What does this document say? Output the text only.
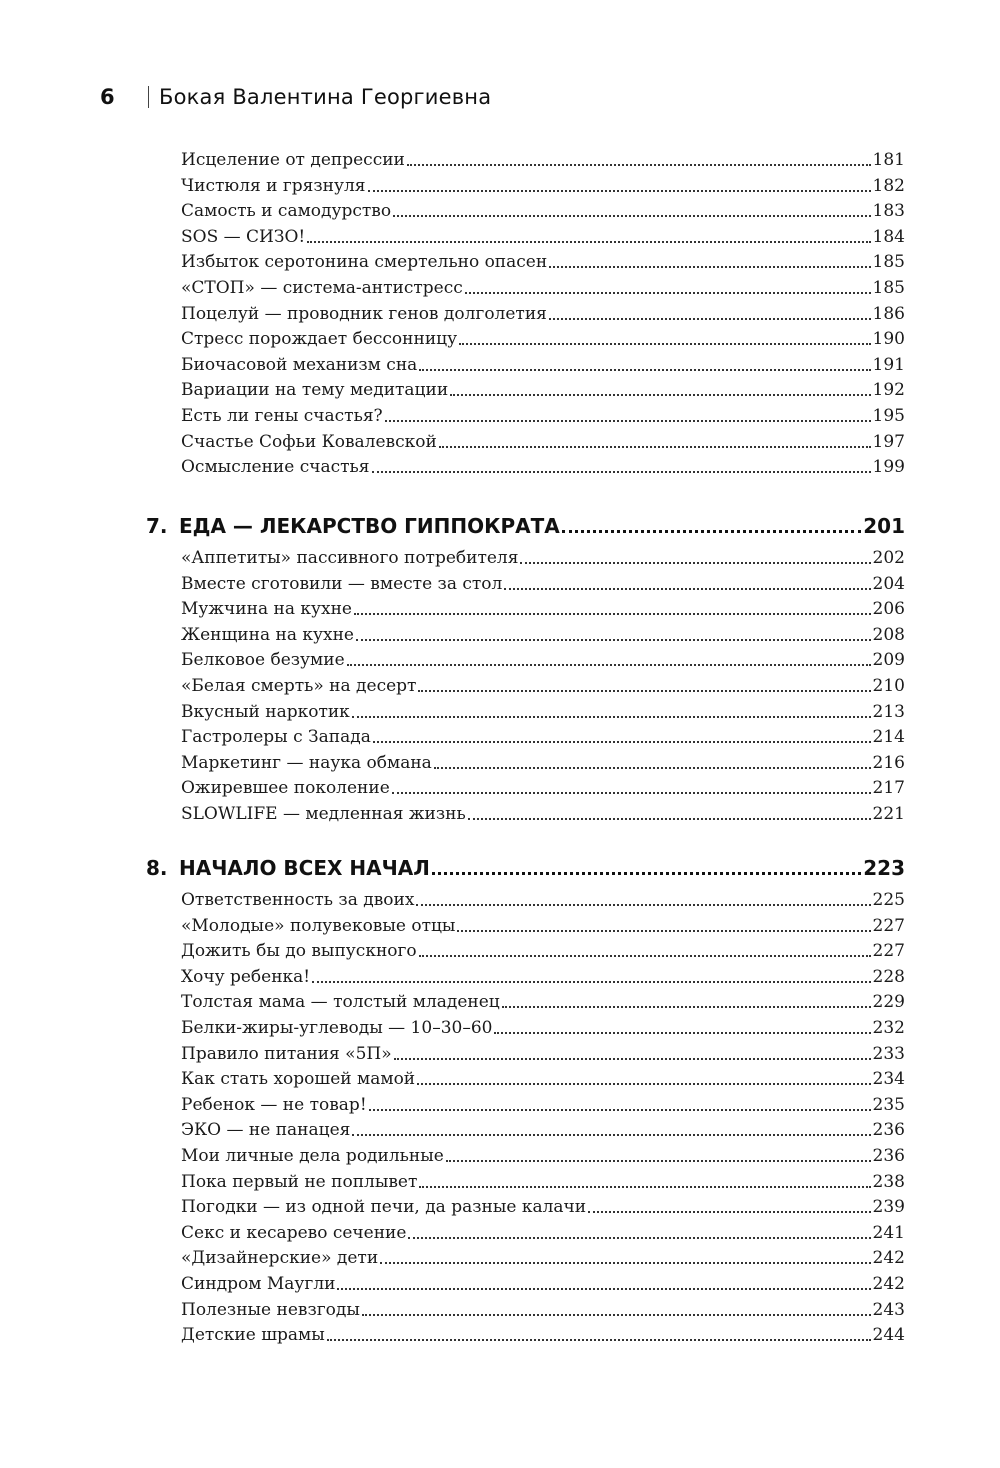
6	Бокая Валентина Георгиевна
Исцеление от депрессии	181
Чистюля и грязнуля	182
Самость и самодурство	183
SOS — СИЗО!	184
Избыток серотонина смертельно опасен	185
«СТОП» — система-антистресс	185
Поцелуй — проводник генов долголетия	186
Стресс порождает бессонницу	190
Биочасовой механизм сна	191
Вариации на тему медитации	192
Есть ли гены счастья?	195
Счастье Софьи Ковалевской	197
Осмысление счастья	199
7. ЕДА — ЛЕКАРСТВО ГИППОКРАТА	201
«Аппетиты» пассивного потребителя	202
Вместе сготовили — вместе за стол	204
Мужчина на кухне	206
Женщина на кухне	208
Белковое безумие	209
«Белая смерть» на десерт	210
Вкусный наркотик	213
Гастролеры с Запада	214
Маркетинг — наука обмана	216
Ожиревшее поколение	217
SLOWLIFE — медленная жизнь	221
8. НАЧАЛО ВСЕХ НАЧАЛ	223
Ответственность за двоих	225
«Молодые» полувековые отцы	227
Дожить бы до выпускного	227
Хочу ребенка!	228
Толстая мама — толстый младенец	229
Белки-жиры-углеводы — 10–30–60	232
Правило питания «5П»	233
Как стать хорошей мамой	234
Ребенок — не товар!	235
ЭКО — не панацея	236
Мои личные дела родильные	236
Пока первый не поплывет	238
Погодки — из одной печи, да разные калачи	239
Секс и кесарево сечение	241
«Дизайнерские» дети	242
Синдром Маугли	242
Полезные невзгоды	243
Детские шрамы	244
